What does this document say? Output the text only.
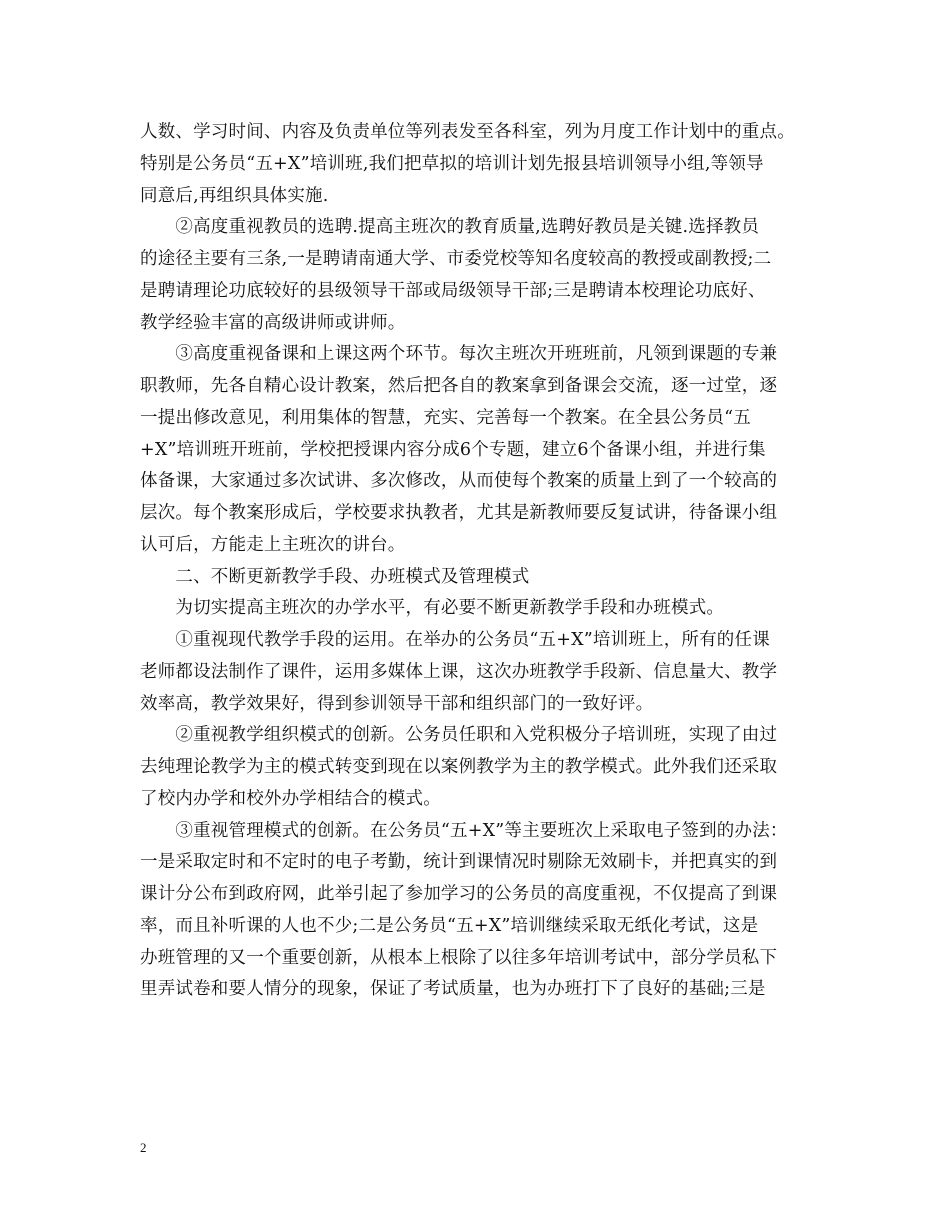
人数、学习时间、内容及负责单位等列表发至各科室，列为月度工作计划中的重点。
特别是公务员“五+X”培训班,我们把草拟的培训计划先报县培训领导小组,等领导
同意后,再组织具体实施.
　　②高度重视教员的选聘.提高主班次的教育质量,选聘好教员是关键.选择教员
的途径主要有三条,一是聘请南通大学、市委党校等知名度较高的教授或副教授;二
是聘请理论功底较好的县级领导干部或局级领导干部;三是聘请本校理论功底好、
教学经验丰富的高级讲师或讲师。
　　③高度重视备课和上课这两个环节。每次主班次开班班前，凡领到课题的专兼
职教师，先各自精心设计教案，然后把各自的教案拿到备课会交流，逐一过堂，逐
一提出修改意见，利用集体的智慧，充实、完善每一个教案。在全县公务员“五
+X”培训班开班前，学校把授课内容分成6个专题，建立6个备课小组，并进行集
体备课，大家通过多次试讲、多次修改，从而使每个教案的质量上到了一个较高的
层次。每个教案形成后，学校要求执教者，尤其是新教师要反复试讲，待备课小组
认可后，方能走上主班次的讲台。
　　二、不断更新教学手段、办班模式及管理模式
　　为切实提高主班次的办学水平，有必要不断更新教学手段和办班模式。
　　①重视现代教学手段的运用。在举办的公务员“五+X”培训班上，所有的任课
老师都设法制作了课件，运用多媒体上课，这次办班教学手段新、信息量大、教学
效率高，教学效果好，得到参训领导干部和组织部门的一致好评。
　　②重视教学组织模式的创新。公务员任职和入党积极分子培训班，实现了由过
去纯理论教学为主的模式转变到现在以案例教学为主的教学模式。此外我们还采取
了校内办学和校外办学相结合的模式。
　　③重视管理模式的创新。在公务员“五+X”等主要班次上采取电子签到的办法：
一是采取定时和不定时的电子考勤，统计到课情况时剔除无效刷卡，并把真实的到
课计分公布到政府网，此举引起了参加学习的公务员的高度重视，不仅提高了到课
率，而且补听课的人也不少;二是公务员“五+X”培训继续采取无纸化考试，这是
办班管理的又一个重要创新，从根本上根除了以往多年培训考试中，部分学员私下
里弄试卷和要人情分的现象，保证了考试质量，也为办班打下了良好的基础;三是
2
